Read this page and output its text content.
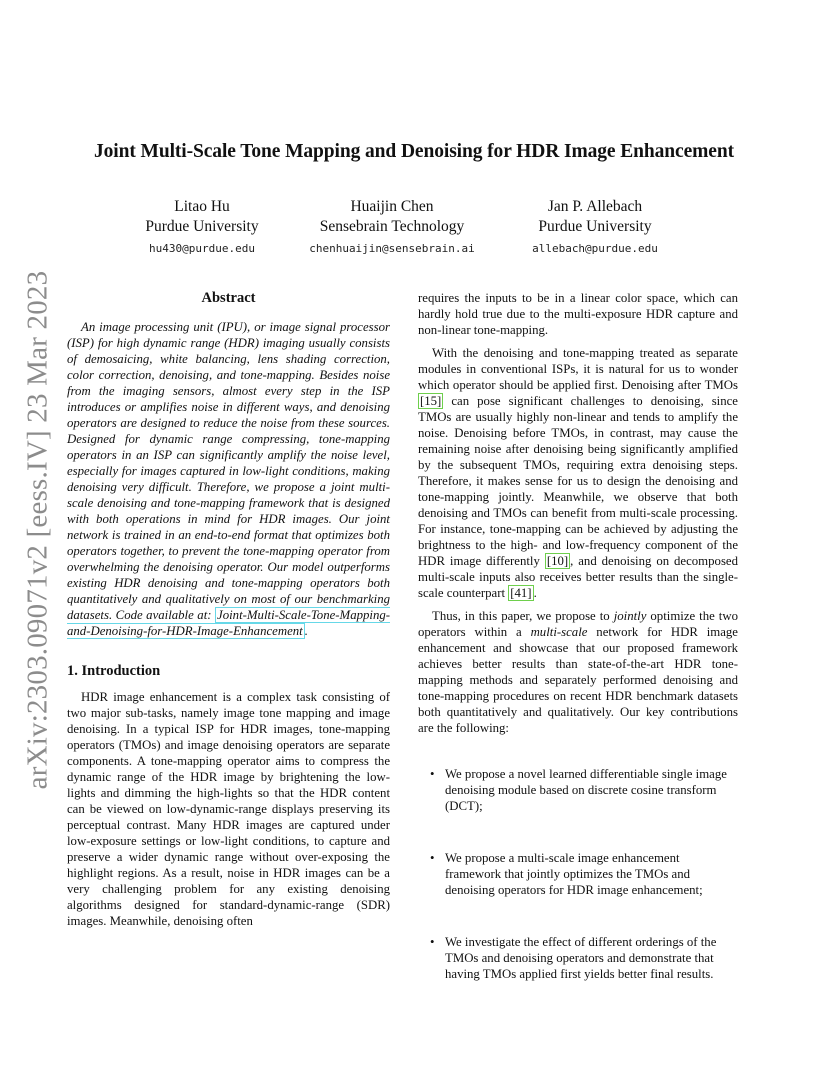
Joint Multi-Scale Tone Mapping and Denoising for HDR Image Enhancement
Litao Hu
Purdue University
hu430@purdue.edu
Huaijin Chen
Sensebrain Technology
chenhuaijin@sensebrain.ai
Jan P. Allebach
Purdue University
allebach@purdue.edu
arXiv:2303.09071v2 [eess.IV] 23 Mar 2023	Abstract

An image processing unit (IPU), or image signal processor (ISP) for high dynamic range (HDR) imaging usually consists of demosaicing, white balancing, lens shading correction, color correction, denoising, and tone-mapping. Besides noise from the imaging sensors, almost every step in the ISP introduces or amplifies noise in different ways, and denoising operators are designed to reduce the noise from these sources. Designed for dynamic range compressing, tone-mapping operators in an ISP can significantly amplify the noise level, especially for images captured in low-light conditions, making denoising very difficult. Therefore, we propose a joint multi-scale denoising and tone-mapping framework that is designed with both operations in mind for HDR images. Our joint network is trained in an end-to-end format that optimizes both operators together, to prevent the tone-mapping operator from overwhelming the denoising operator. Our model outperforms existing HDR denoising and tone-mapping operators both quantitatively and qualitatively on most of our benchmarking datasets. Code available at: Joint-Multi-Scale-Tone-Mapping-and-Denoising-for-HDR-Image-Enhancement .

1. Introduction

HDR image enhancement is a complex task consisting of two major sub-tasks, namely image tone mapping and image denoising. In a typical ISP for HDR images, tone-mapping operators (TMOs) and image denoising operators are separate components. A tone-mapping operator aims to compress the dynamic range of the HDR image by brightening the low-lights and dimming the high-lights so that the HDR content can be viewed on low-dynamic-range displays preserving its perceptual contrast. Many HDR images are captured under low-exposure settings or low-light conditions, to capture and preserve a wider dynamic range without over-exposing the highlight regions. As a result, noise in HDR images can be a very challenging problem for any existing denoising algorithms designed for standard-dynamic-range (SDR) images. Meanwhile, denoising often

requires the inputs to be in a linear color space, which can hardly hold true due to the multi-exposure HDR capture and non-linear tone-mapping.

With the denoising and tone-mapping treated as separate modules in conventional ISPs, it is natural for us to wonder which operator should be applied first. Denoising after TMOs [15] can pose significant challenges to denoising, since TMOs are usually highly non-linear and tends to amplify the noise. Denoising before TMOs, in contrast, may cause the remaining noise after denoising being significantly amplified by the subsequent TMOs, requiring extra denoising steps. Therefore, it makes sense for us to design the denoising and tone-mapping jointly. Meanwhile, we observe that both denoising and TMOs can benefit from multi-scale processing. For instance, tone-mapping can be achieved by adjusting the brightness to the high- and low-frequency component of the HDR image differently [10] , and denoising on decomposed multi-scale inputs also receives better results than the single-scale counterpart [41] .

Thus, in this paper, we propose to jointly optimize the two operators within a multi-scale network for HDR image enhancement and showcase that our proposed framework achieves better results than state-of-the-art HDR tone-mapping methods and separately performed denoising and tone-mapping procedures on recent HDR benchmark datasets both quantitatively and qualitatively. Our key contributions are the following:

• We propose a novel learned differentiable single image denoising module based on discrete cosine transform (DCT);
• We propose a multi-scale image enhancement framework that jointly optimizes the TMOs and denoising operators for HDR image enhancement;
• We investigate the effect of different orderings of the TMOs and denoising operators and demonstrate that having TMOs applied first yields better final results.
